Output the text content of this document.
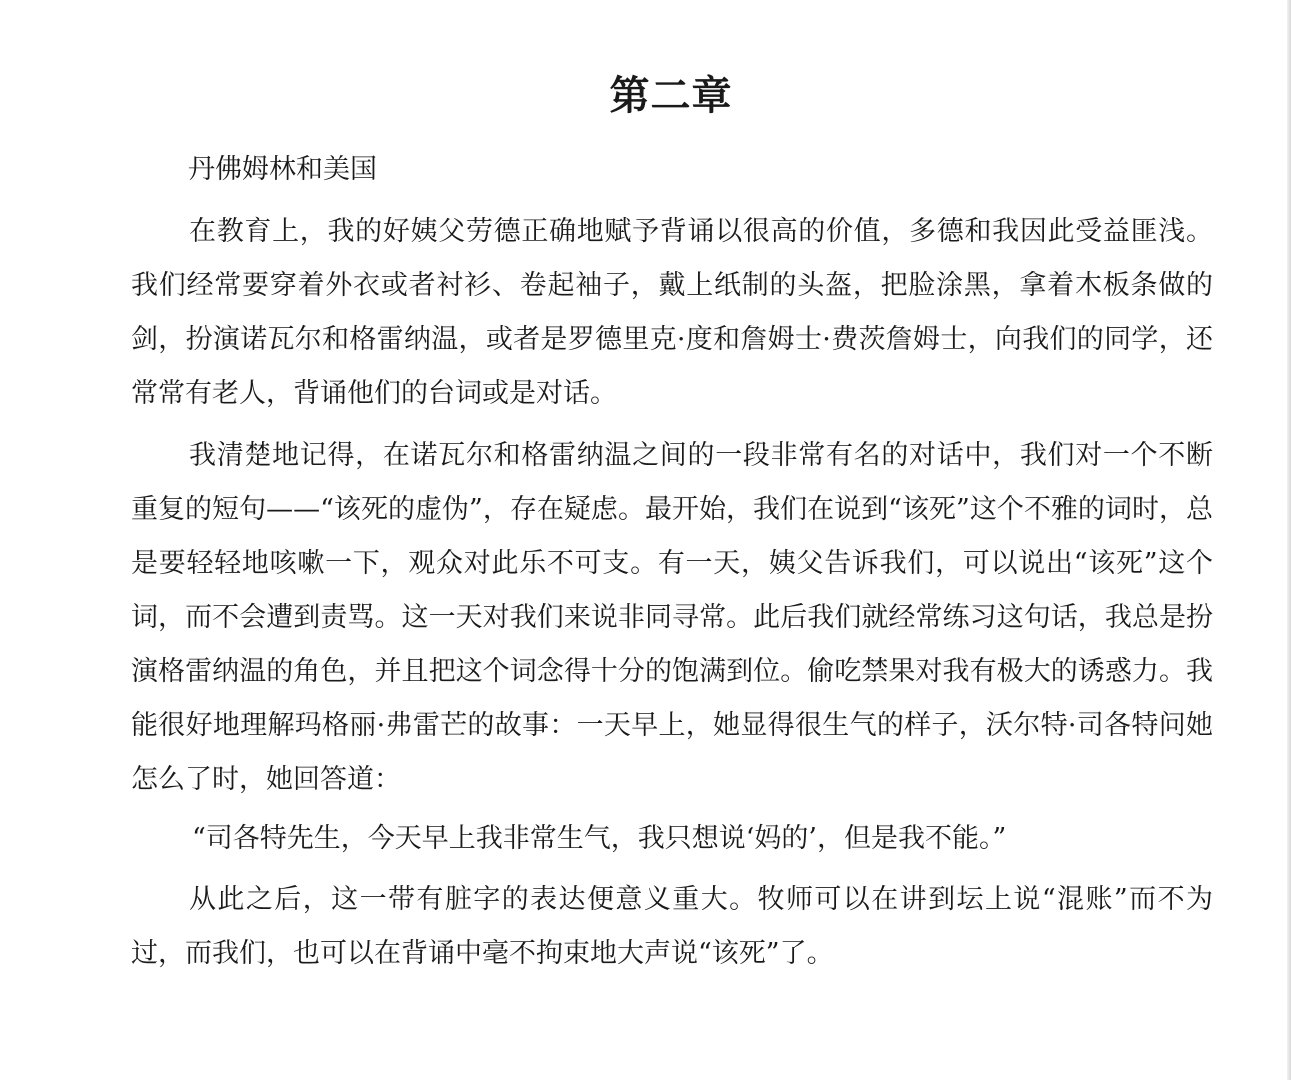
第二章

丹佛姆林和美国

在教育上，我的好姨父劳德正确地赋予背诵以很高的价值，多德和我因此受益匪浅。我们经常要穿着外衣或者衬衫、卷起袖子，戴上纸制的头盔，把脸涂黑，拿着木板条做的剑，扮演诺瓦尔和格雷纳温，或者是罗德里克·度和詹姆士·费茨詹姆士，向我们的同学，还常常有老人，背诵他们的台词或是对话。

我清楚地记得，在诺瓦尔和格雷纳温之间的一段非常有名的对话中，我们对一个不断重复的短句——“该死的虚伪”，存在疑虑。最开始，我们在说到“该死”这个不雅的词时，总是要轻轻地咳嗽一下，观众对此乐不可支。有一天，姨父告诉我们，可以说出“该死”这个词，而不会遭到责骂。这一天对我们来说非同寻常。此后我们就经常练习这句话，我总是扮演格雷纳温的角色，并且把这个词念得十分的饱满到位。偷吃禁果对我有极大的诱惑力。我能很好地理解玛格丽·弗雷芒的故事：一天早上，她显得很生气的样子，沃尔特·司各特问她怎么了时，她回答道：

“司各特先生，今天早上我非常生气，我只想说‘妈的’，但是我不能。”

从此之后，这一带有脏字的表达便意义重大。牧师可以在讲到坛上说“混账”而不为过，而我们，也可以在背诵中毫不拘束地大声说“该死”了。
